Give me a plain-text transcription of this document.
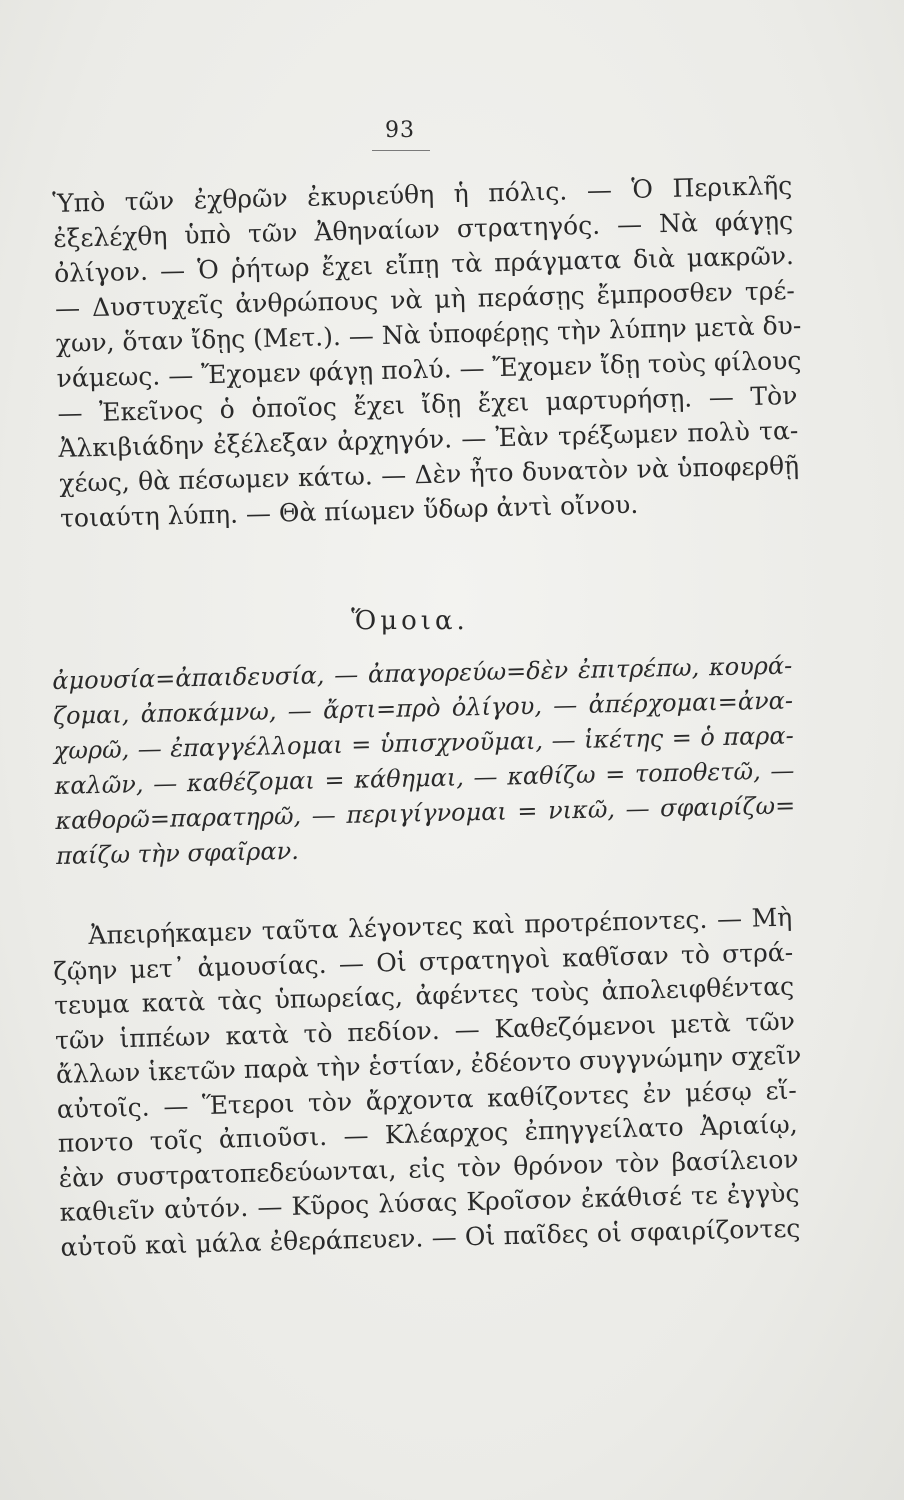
93
Ὑπὸ τῶν ἐχθρῶν ἐκυριεύθη ἡ πόλις. — Ὁ Περικλῆς
ἐξελέχθη ὑπὸ τῶν Ἀθηναίων στρατηγός. — Νὰ φάγῃς
ὀλίγον. — Ὁ ῥήτωρ ἔχει εἴπῃ τὰ πράγματα διὰ μακρῶν.
— Δυστυχεῖς ἀνθρώπους νὰ μὴ περάσῃς ἔμπροσθεν τρέ-
χων, ὅταν ἴδῃς (Μετ.). — Νὰ ὑποφέρῃς τὴν λύπην μετὰ δυ-
νάμεως. — Ἔχομεν φάγῃ πολύ. — Ἔχομεν ἴδῃ τοὺς φίλους
— Ἐκεῖνος ὁ ὁποῖος ἔχει ἴδῃ ἔχει μαρτυρήσῃ. — Τὸν
Ἀλκιβιάδην ἐξέλεξαν ἀρχηγόν. — Ἐὰν τρέξωμεν πολὺ τα-
χέως, θὰ πέσωμεν κάτω. — Δὲν ἦτο δυνατὸν νὰ ὑποφερθῇ
τοιαύτη λύπη. — Θὰ πίωμεν ὕδωρ ἀντὶ οἴνου.
Ὅμοια.
ἀμουσία=ἀπαιδευσία, — ἀπαγορεύω=δὲν ἐπιτρέπω, κουρά-
ζομαι, ἀποκάμνω, — ἄρτι=πρὸ ὀλίγου, — ἀπέρχομαι=ἀνα-
χωρῶ, — ἐπαγγέλλομαι = ὑπισχνοῦμαι, — ἱκέτης = ὁ παρα-
καλῶν, — καθέζομαι = κάθημαι, — καθίζω = τοποθετῶ, —
καθορῶ=παρατηρῶ, — περιγίγνομαι = νικῶ, — σφαιρίζω=
παίζω τὴν σφαῖραν.
Ἀπειρήκαμεν ταῦτα λέγοντες καὶ προτρέποντες. — Μὴ
ζῷην μετ᾽ ἀμουσίας. — Οἱ στρατηγοὶ καθῖσαν τὸ στρά-
τευμα κατὰ τὰς ὑπωρείας, ἀφέντες τοὺς ἀπολειφθέντας
τῶν ἱππέων κατὰ τὸ πεδίον. — Καθεζόμενοι μετὰ τῶν
ἄλλων ἱκετῶν παρὰ τὴν ἑστίαν, ἐδέοντο συγγνώμην σχεῖν
αὐτοῖς. — Ἕτεροι τὸν ἄρχοντα καθίζοντες ἐν μέσῳ εἵ-
ποντο τοῖς ἀπιοῦσι. — Κλέαρχος ἐπηγγείλατο Ἀριαίῳ,
ἐὰν συστρατοπεδεύωνται, εἰς τὸν θρόνον τὸν βασίλειον
καθιεῖν αὐτόν. — Κῦρος λύσας Κροῖσον ἐκάθισέ τε ἐγγὺς
αὐτοῦ καὶ μάλα ἐθεράπευεν. — Οἱ παῖδες οἱ σφαιρίζοντες
